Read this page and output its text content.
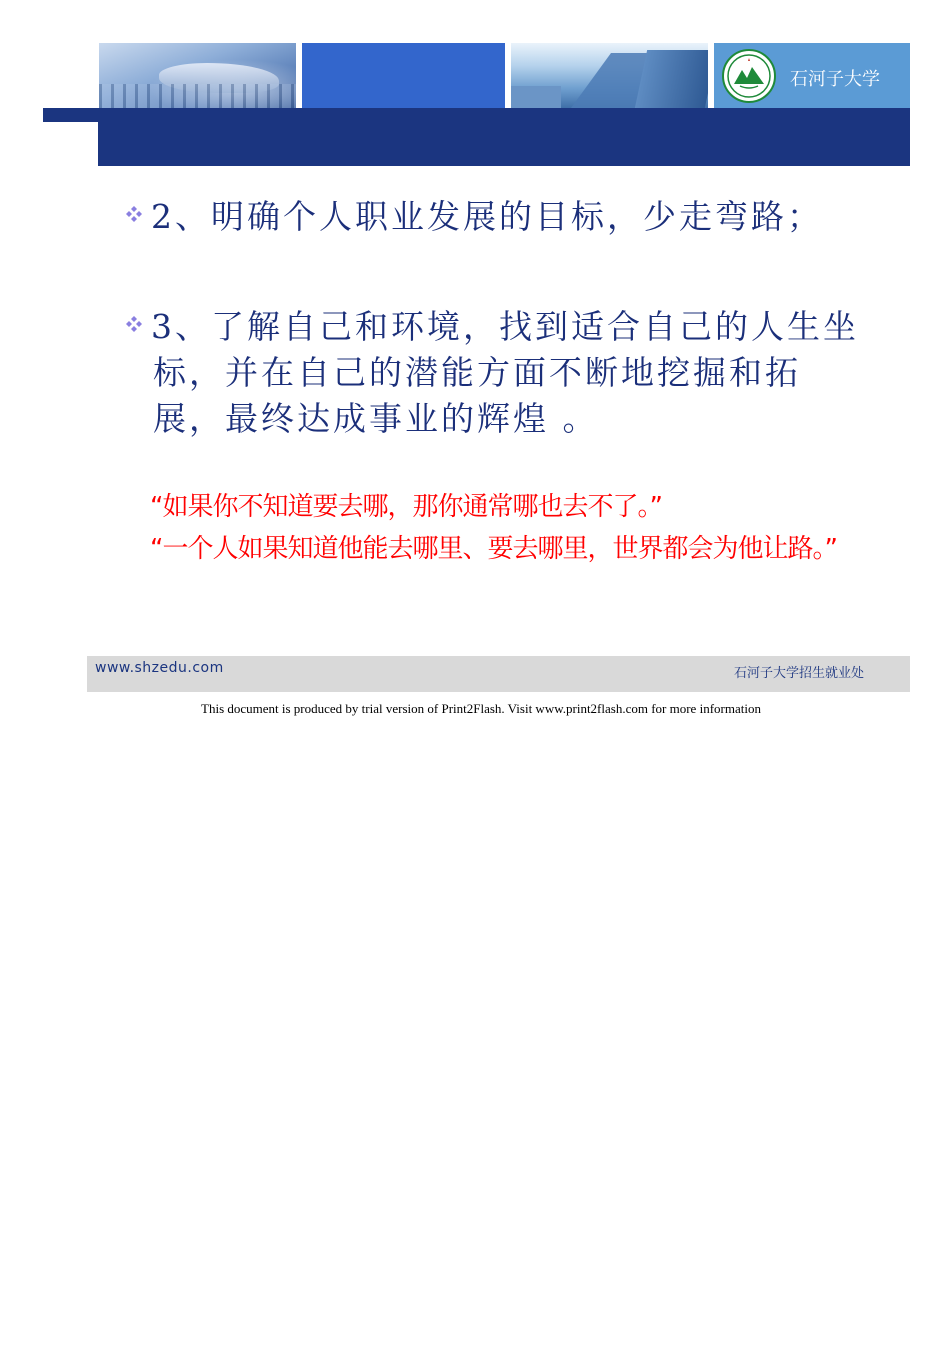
石河子大学
2、明确个人职业发展的目标，少走弯路；
3、了解自己和环境，找到适合自己的人生坐标，并在自己的潜能方面不断地挖掘和拓展，最终达成事业的辉煌 。
“如果你不知道要去哪，那你通常哪也去不了。”
“一个人如果知道他能去哪里、要去哪里，世界都会为他让路。”
www.shzedu.com	石河子大学招生就业处
This document is produced by trial version of Print2Flash. Visit www.print2flash.com for more information
